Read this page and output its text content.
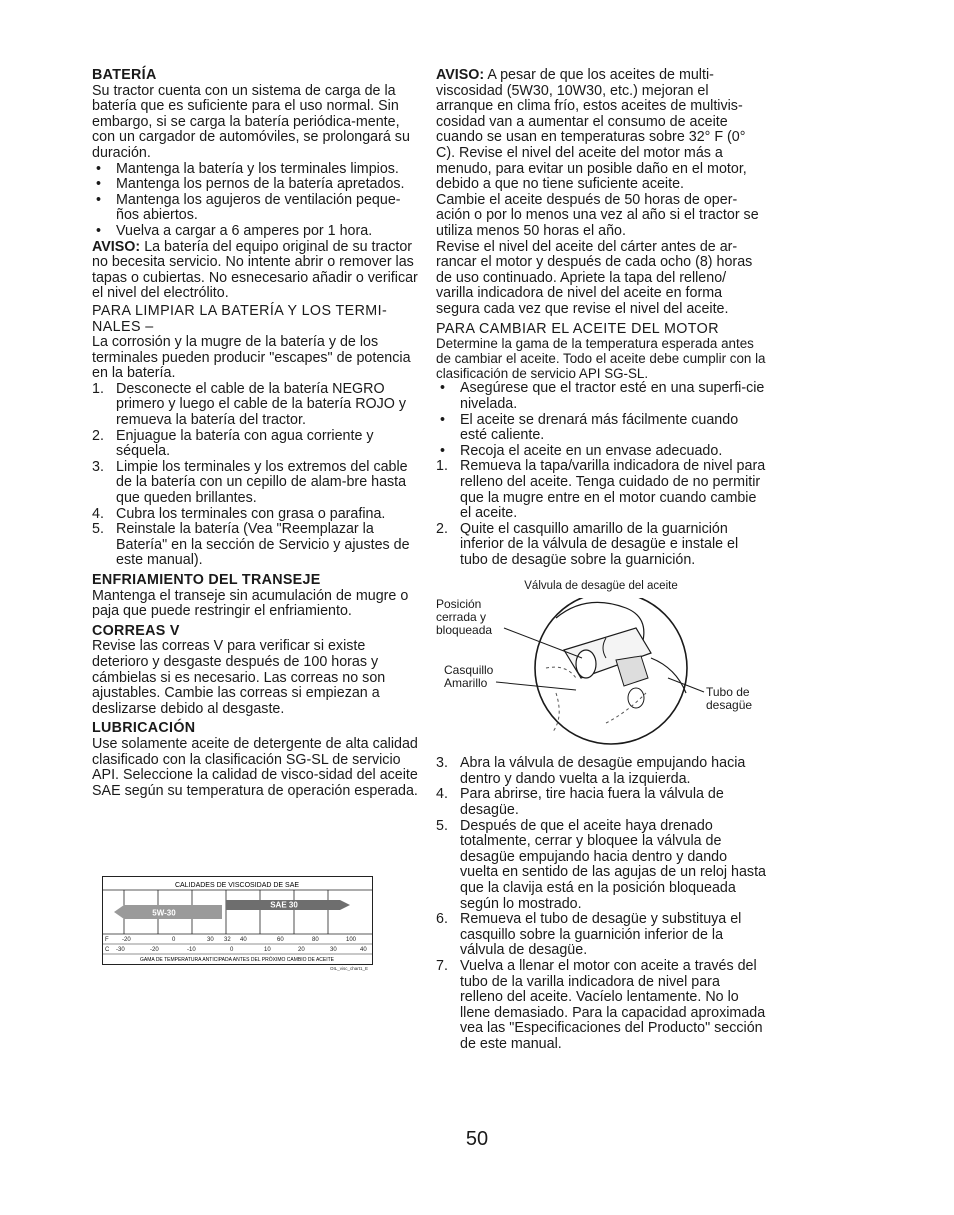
BATERÍA

Su tractor cuenta con un sistema de carga de la batería que es suficiente para el uso normal. Sin embargo, si se carga la batería periódica-mente, con un cargador de automóviles, se prolongará su duración.

• Mantenga la batería y los terminales limpios.
• Mantenga los pernos de la batería apretados.
• Mantenga los agujeros de ventilación peque-ños abiertos.
• Vuelva a cargar a 6 amperes por 1 hora.

AVISO: La batería del equipo original de su tractor no becesita servicio. No intente abrir o remover las tapas o cubiertas. No esnecesario añadir o verificar el nivel del electrólito.

PARA LIMPIAR LA BATERÍA Y LOS TERMI-NALES –

La corrosión y la mugre de la batería y de los terminales pueden producir "escapes" de potencia en la batería.

1. Desconecte el cable de la batería NEGRO primero y luego el cable de la batería ROJO y remueva la batería del tractor.
2. Enjuague la batería con agua corriente y séquela.
3. Limpie los terminales y los extremos del cable de la batería con un cepillo de alam-bre hasta que queden brillantes.
4. Cubra los terminales con grasa o parafina.
5. Reinstale la batería (Vea "Reemplazar la Batería" en la sección de Servicio y ajustes de este manual).

ENFRIAMIENTO DEL TRANSEJE

Mantenga el transeje sin acumulación de mugre o paja que puede restringir el enfriamiento.

CORREAS V

Revise las correas V para verificar si existe deterioro y desgaste después de 100 horas y cámbielas si es necesario. Las correas no son ajustables. Cambie las correas si empiezan a deslizarse debido al desgaste.

LUBRICACIÓN

Use solamente aceite de detergente de alta calidad clasificado con la clasificación SG-SL de servicio API. Seleccione la calidad de visco-sidad del aceite SAE según su temperatura de operación esperada.

CALIDADES DE VISCOSIDAD DE SAE
5W-30
SAE 30
F -20	0	30 32 40	60	80	100
C -30	-20	-10	0	10	20	30	40
GAMA DE TEMPERATURA ANTICIPADA ANTES DEL PRÓXIMO CAMBIO DE ACEITE
OIL_visc_chart1_E

AVISO: A pesar de que los aceites de multi-viscosidad (5W30, 10W30, etc.) mejoran el arranque en clima frío, estos aceites de multivis-cosidad van a aumentar el consumo de aceite cuando se usan en temperaturas sobre 32° F (0° C). Revise el nivel del aceite del motor más a menudo, para evitar un posible daño en el motor, debido a que no tiene suficiente aceite.

Cambie el aceite después de 50 horas de oper-ación o por lo menos una vez al año si el tractor se utiliza menos 50 horas el año.

Revise el nivel del aceite del cárter antes de ar-rancar el motor y después de cada ocho (8) horas de uso continuado. Apriete la tapa del relleno/ varilla indicadora de nivel del aceite en forma segura cada vez que revise el nivel del aceite.

PARA CAMBIAR EL ACEITE DEL MOTOR

Determine la gama de la temperatura esperada antes de cambiar el aceite. Todo el aceite debe cumplir con la clasificación de servicio API SG-SL.

• Asegúrese que el tractor esté en una superfi-cie nivelada.
• El aceite se drenará más fácilmente cuando esté caliente.
• Recoja el aceite en un envase adecuado.
1. Remueva la tapa/varilla indicadora de nivel para relleno del aceite. Tenga cuidado de no permitir que la mugre entre en el motor cuando cambie el aceite.
2. Quite el casquillo amarillo de la guarnición inferior de la válvula de desagüe e instale el tubo de desagüe sobre la guarnición.

Válvula de desagüe del aceite

Posición cerrada y bloqueada
Casquillo Amarillo
Tubo de desagüe
3. Abra la válvula de desagüe empujando hacia dentro y dando vuelta a la izquierda.
4. Para abrirse, tire hacia fuera la válvula de desagüe.
5. Después de que el aceite haya drenado totalmente, cerrar y bloquee la válvula de desagüe empujando hacia dentro y dando vuelta en sentido de las agujas de un reloj hasta que la clavija está en la posición bloqueada según lo mostrado.
6. Remueva el tubo de desagüe y substituya el casquillo sobre la guarnición inferior de la válvula de desagüe.
7. Vuelva a llenar el motor con aceite a través del tubo de la varilla indicadora de nivel para relleno del aceite. Vacíelo lentamente. No lo llene demasiado. Para la capacidad aproximada vea las "Especificaciones del Producto" sección de este manual.
50
